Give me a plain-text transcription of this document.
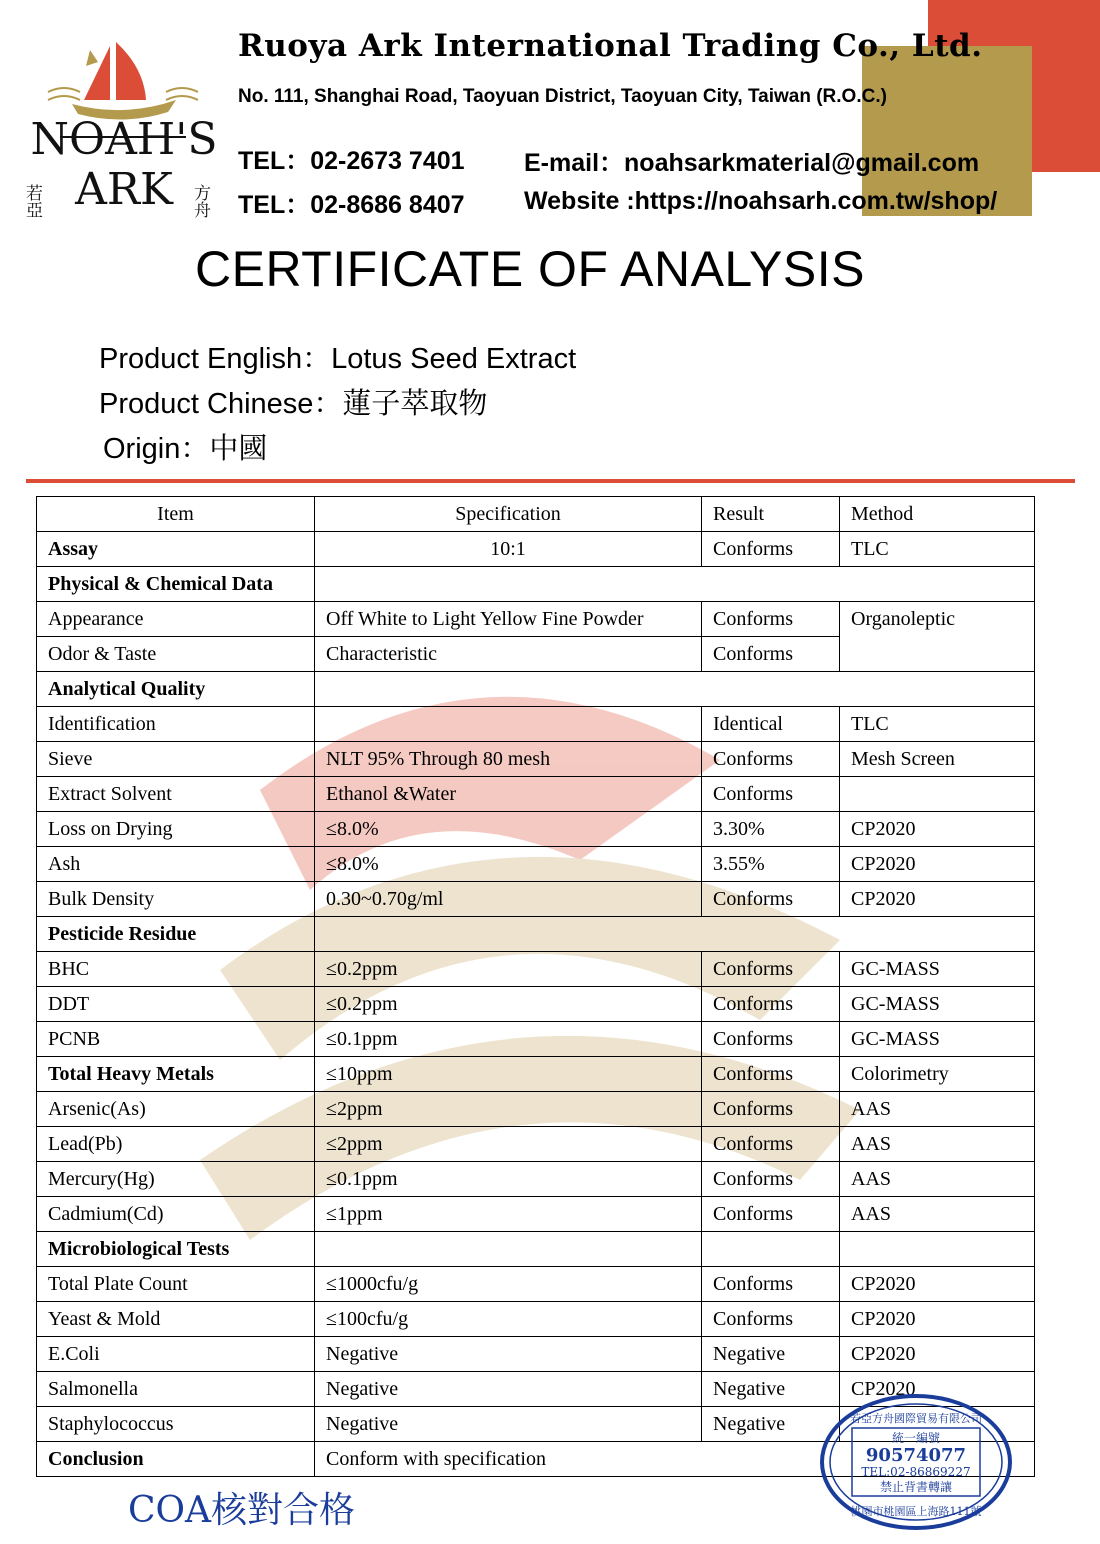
NOAH'S
ARK
若亞	方舟
Ruoya Ark International Trading Co., Ltd.
No. 111, Shanghai Road, Taoyuan District, Taoyuan City, Taiwan (R.O.C.)
TEL：02-2673 7401
TEL：02-8686 8407
E-mail：noahsarkmaterial@gmail.com
Website :https://noahsarh.com.tw/shop/
CERTIFICATE OF ANALYSIS
Product English：Lotus Seed Extract
Product Chinese：蓮子萃取物
Origin：中國
Item	Specification	Result	Method
Assay	10:1	Conforms	TLC
Physical & Chemical Data			
Appearance	Off White to Light Yellow Fine Powder	Conforms	Organoleptic
Odor & Taste	Characteristic	Conforms	
Analytical Quality			
Identification		Identical	TLC
Sieve	NLT 95% Through 80 mesh	Conforms	Mesh Screen
Extract Solvent	Ethanol &Water	Conforms	
Loss on Drying	≤8.0%	3.30%	CP2020
Ash	≤8.0%	3.55%	CP2020
Bulk Density	0.30~0.70g/ml	Conforms	CP2020
Pesticide Residue			
BHC	≤0.2ppm	Conforms	GC-MASS
DDT	≤0.2ppm	Conforms	GC-MASS
PCNB	≤0.1ppm	Conforms	GC-MASS
Total Heavy Metals	≤10ppm	Conforms	Colorimetry
Arsenic(As)	≤2ppm	Conforms	AAS
Lead(Pb)	≤2ppm	Conforms	AAS
Mercury(Hg)	≤0.1ppm	Conforms	AAS
Cadmium(Cd)	≤1ppm	Conforms	AAS
Microbiological Tests			
Total Plate Count	≤1000cfu/g	Conforms	CP2020
Yeast & Mold	≤100cfu/g	Conforms	CP2020
E.Coli	Negative	Negative	CP2020
Salmonella	Negative	Negative	CP2020
Staphylococcus	Negative	Negative	
Conclusion	Conform with specification		
若亞方舟國際貿易有限公司
統一編號
90574077
TEL:02-86869227
禁止背書轉讓
桃園市桃園區上海路111號
COA核對合格
